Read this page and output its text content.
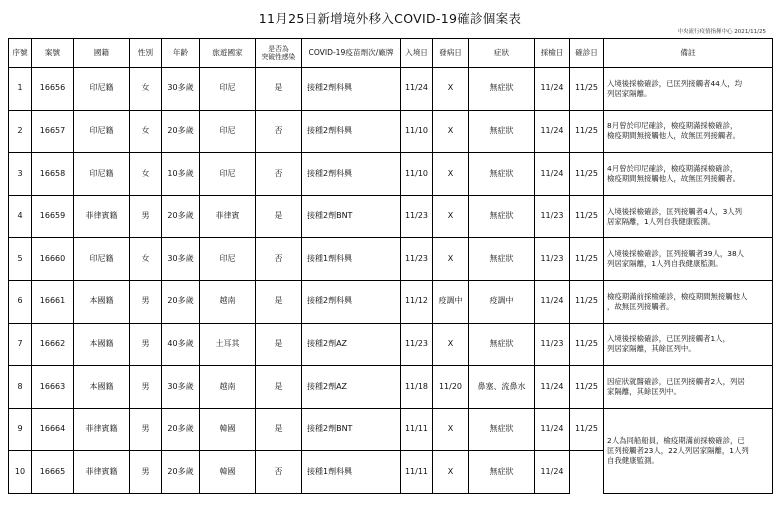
11月25日新增境外移入COVID-19確診個案表
中央流行疫情指揮中心 2021/11/25
序號	案號	國籍	性別	年齡	旅遊國家	是否為
突破性感染	COVID-19疫苗劑次/廠牌	入境日	發病日	症狀	採檢日	確診日	備註
1	16656	印尼籍	女	30多歲	印尼	是	接種2劑科興	11/24	X	無症狀	11/24	11/25	入境後採檢確診，已匡列接觸者44人，均
列居家隔離。
2	16657	印尼籍	女	20多歲	印尼	否	接種2劑科興	11/10	X	無症狀	11/24	11/25	8月曾於印尼確診，檢疫期滿採檢確診，
檢疫期間無接觸他人，故無匡列接觸者。
3	16658	印尼籍	女	10多歲	印尼	否	接種2劑科興	11/10	X	無症狀	11/24	11/25	4月曾於印尼確診，檢疫期滿採檢確診，
檢疫期間無接觸他人，故無匡列接觸者。
4	16659	菲律賓籍	男	20多歲	菲律賓	是	接種2劑BNT	11/23	X	無症狀	11/23	11/25	入境後採檢確診，匡列接觸者4人，3人列
居家隔離，1人列自我健康監測。
5	16660	印尼籍	女	30多歲	印尼	否	接種1劑科興	11/23	X	無症狀	11/23	11/25	入境後採檢確診，匡列接觸者39人，38人
列居家隔離，1人列自我健康監測。
6	16661	本國籍	男	20多歲	越南	是	接種2劑科興	11/12	疫調中	疫調中	11/24	11/25	檢疫期滿前採檢確診，檢疫期間無接觸他人
，故無匡列接觸者。
7	16662	本國籍	男	40多歲	土耳其	是	接種2劑AZ	11/23	X	無症狀	11/23	11/25	入境後採檢確診，已匡列接觸者1人，
列居家隔離，其餘匡列中。
8	16663	本國籍	男	30多歲	越南	是	接種2劑AZ	11/18	11/20	鼻塞、流鼻水	11/24	11/25	因症狀就醫確診，已匡列接觸者2人，列居
家隔離，其餘匡列中。
9	16664	菲律賓籍	男	20多歲	韓國	是	接種2劑BNT	11/11	X	無症狀	11/24	11/25	2人為同船船員，檢疫期滿前採檢確診，已
匡列接觸者23人，22人列居家隔離，1人列
自我健康監測。
10	16665	菲律賓籍	男	20多歲	韓國	否	接種1劑科興	11/11	X	無症狀	11/24		
